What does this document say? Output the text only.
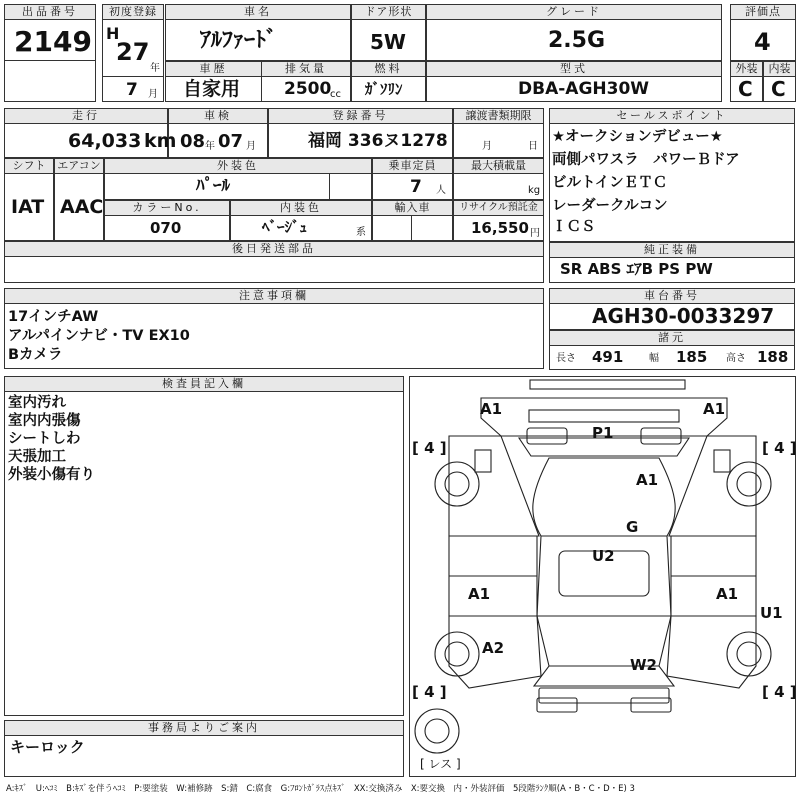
出品番号
2149
初度登録
H
27
年
7 月
車名
ｱﾙﾌｧｰﾄﾞ
車歴
自家用
排気量
2500
cc
ドア形状
5W
燃料
ｶﾞｿﾘﾝ
グレード
2.5G
型式
DBA-AGH30W
評価点
4
外装	内装
C C
走行
64,033 km
車検
08 年 07 月
登録番号
福岡 336ヌ1278
譲渡書類期限
月	日
シフト
IAT
エアコン
AAC
外装色
ﾊﾟｰﾙ
乗車定員
7 人
最大積載量
kg
カラーNo.
070
内装色
ﾍﾞｰｼﾞｭ	系
輸入車	リサイクル預託金
16,550 円
後日発送部品
セールスポイント
★オークションデビュー★
両側パワスラ　パワーＢドア
ビルトインＥＴＣ
レーダークルコン
ＩＣＳ
純正装備
SR ABS ｴｱB PS PW
注意事項欄
17インチAW
アルパインナビ・TV EX10
Bカメラ
車台番号
AGH30-0033297
諸元
長さ 491	幅 185 高さ 188
検査員記入欄
室内汚れ
室内内張傷
シートしわ
天張加工
外装小傷有り
事務局よりご案内
キーロック
A1	A1
P1
A1
G
U2
A1	A1
U1
A2
W2
[ 4 ]	[ 4 ]
[ 4 ]	[ 4 ]
[ レス ]
A:ｷｽﾞ　U:ﾍｺﾐ　B:ｷｽﾞを伴うﾍｺﾐ　P:要塗装　W:補修跡　S:錆　C:腐食　G:ﾌﾛﾝﾄｶﾞﾗｽ点ｷｽﾞ　XX:交換済み　X:要交換　内・外装評価　5段階ﾗﾝｸ順(A・B・C・D・E) 3
